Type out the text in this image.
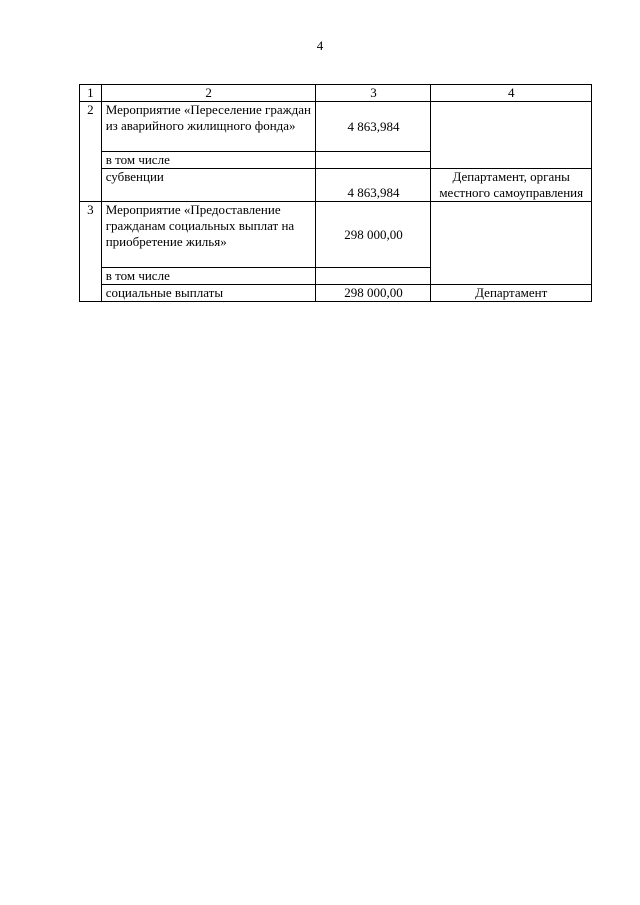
4
1	2	3	4
2	Мероприятие «Переселение граждан из аварийного жилищного фонда»	4 863,984	
	в том числе		
	субвенции	4 863,984	Департамент, органы местного самоуправления
3	Мероприятие «Предоставление гражданам социальных выплат на приобретение жилья»	298 000,00	
	в том числе		
	социальные выплаты	298 000,00	Департамент
